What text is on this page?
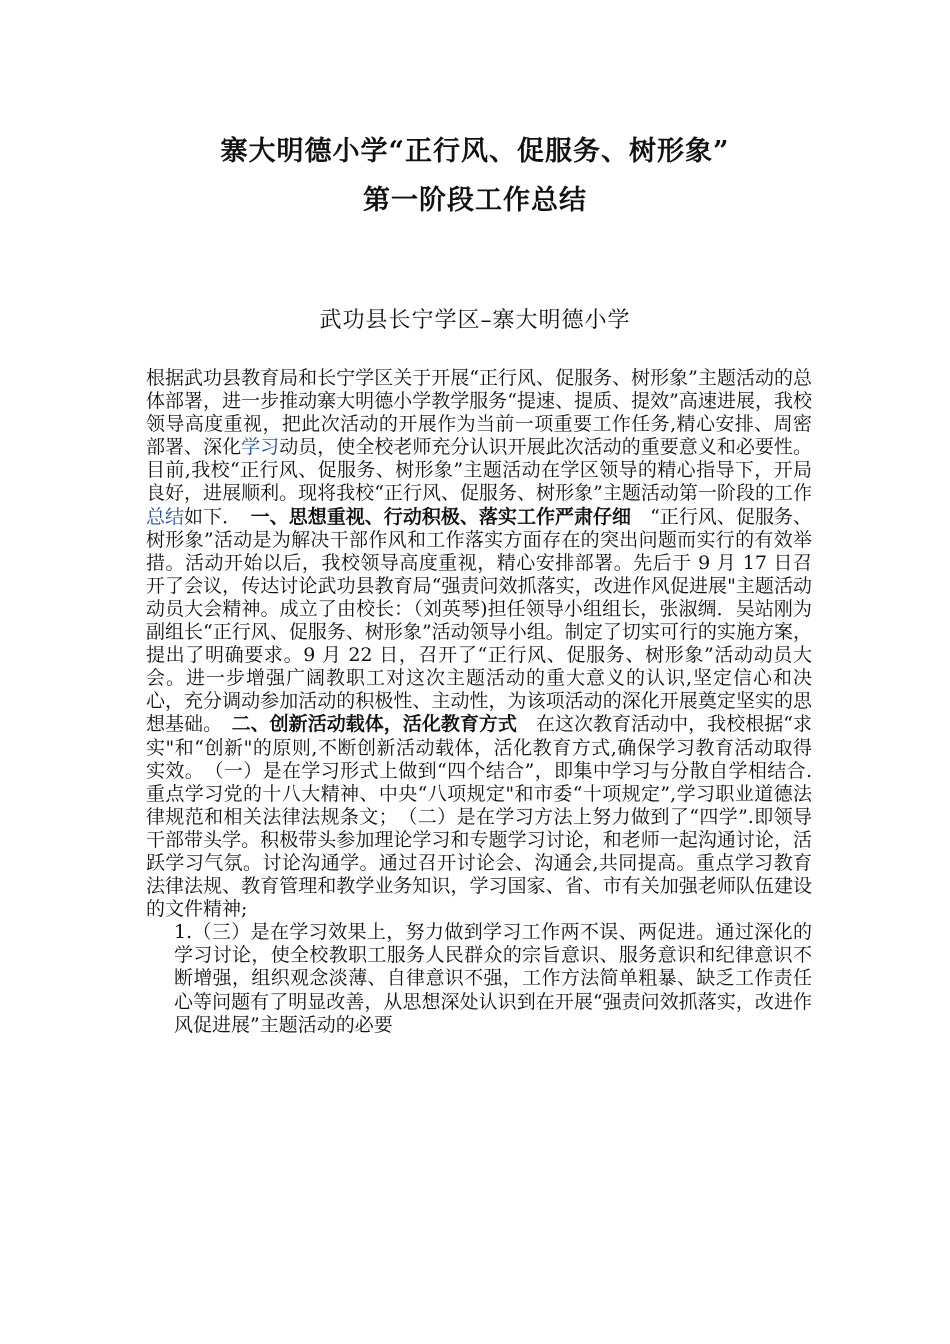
寨大明德小学“正行风、促服务、树形象”
第一阶段工作总结
武功县长宁学区–寨大明德小学

根据武功县教育局和长宁学区关于开展“正行风、促服务、树形象”主题活动的总体部署，进一步推动寨大明德小学教学服务“提速、提质、提效”高速进展，我校领导高度重视，把此次活动的开展作为当前一项重要工作任务,精心安排、周密部署、深化学习动员，使全校老师充分认识开展此次活动的重要意义和必要性。目前,我校“正行风、促服务、树形象”主题活动在学区领导的精心指导下，开局良好，进展顺利。现将我校“正行风、促服务、树形象”主题活动第一阶段的工作总结如下．　一、思想重视、行动积极、落实工作严肃仔细　“正行风、促服务、树形象”活动是为解决干部作风和工作落实方面存在的突出问题而实行的有效举措。活动开始以后，我校领导高度重视，精心安排部署。先后于 9 月 17 日召开了会议，传达讨论武功县教育局“强责问效抓落实，改进作风促进展"主题活动动员大会精神。成立了由校长：（刘英琴)担任领导小组组长，张淑绸．吴站刚为副组长“正行风、促服务、树形象”活动领导小组。制定了切实可行的实施方案，提出了明确要求。9 月 22 日，召开了“正行风、促服务、树形象”活动动员大会。进一步增强广阔教职工对这次主题活动的重大意义的认识,坚定信心和决心，充分调动参加活动的积极性、主动性，为该项活动的深化开展奠定坚实的思想基础。　二、创新活动载体，活化教育方式　在这次教育活动中，我校根据“求实"和“创新"的原则,不断创新活动载体，活化教育方式,确保学习教育活动取得实效。　（一）是在学习形式上做到“四个结合”，即集中学习与分散自学相结合.重点学习党的十八大精神、中央“八项规定"和市委“十项规定”,学习职业道德法律规范和相关法律法规条文；　（二）是在学习方法上努力做到了“四学”.即领导干部带头学。积极带头参加理论学习和专题学习讨论，和老师一起沟通讨论，活跃学习气氛。讨论沟通学。通过召开讨论会、沟通会,共同提高。重点学习教育法律法规、教育管理和教学业务知识，学习国家、省、市有关加强老师队伍建设的文件精神;

1.（三）是在学习效果上，努力做到学习工作两不误、两促进。通过深化的学习讨论，使全校教职工服务人民群众的宗旨意识、服务意识和纪律意识不断增强，组织观念淡薄、自律意识不强，工作方法简单粗暴、缺乏工作责任心等问题有了明显改善，从思想深处认识到在开展“强责问效抓落实，改进作风促进展”主题活动的必要
